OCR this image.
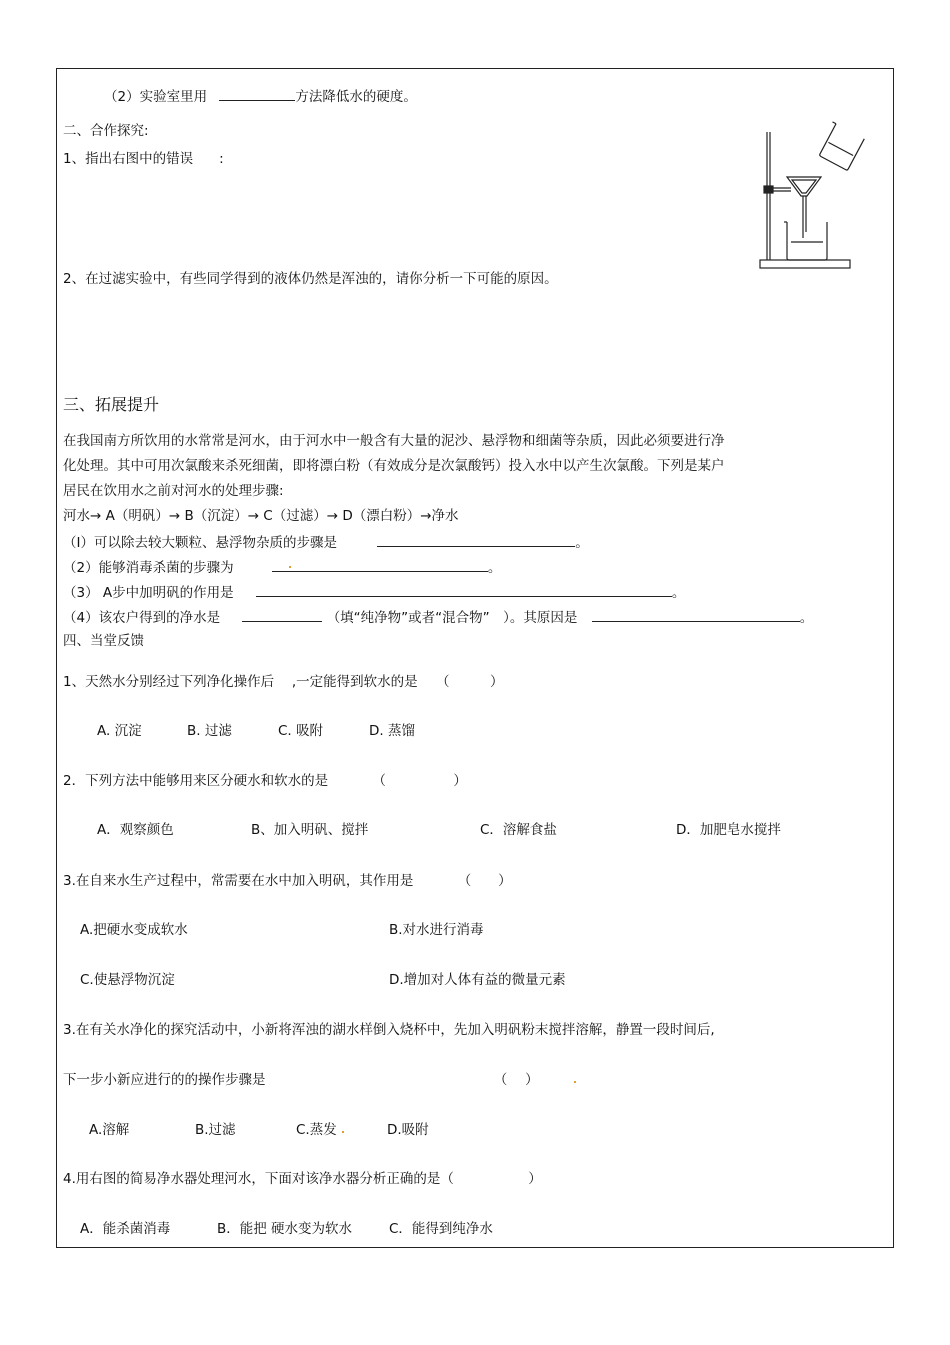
（2）实验室里用	方法降低水的硬度。
二、合作探究:
1、指出右图中的错误 :
2、在过滤实验中，有些同学得到的液体仍然是浑浊的，请你分析一下可能的原因。
三、拓展提升
在我国南方所饮用的水常常是河水，由于河水中一般含有大量的泥沙、悬浮物和细菌等杂质，因此必须要进行净
化处理。其中可用次氯酸来杀死细菌，即将漂白粉（有效成分是次氯酸钙）投入水中以产生次氯酸。下列是某户
居民在饮用水之前对河水的处理步骤:
河水→ A（明矾）→ B（沉淀）→ C（过滤）→ D（漂白粉）→净水
（I）可以除去较大颗粒、悬浮物杂质的步骤是	。
（2）能够消毒杀菌的步骤为	。
（3） A步中加明矾的作用是	。
（4）该农户得到的净水是	（填“纯净物”或者“混合物”　）。其原因是	。
四、当堂反馈
1、天然水分别经过下列净化操作后　 ,一定能得到软水的是 （　　　）
A. 沉淀	B. 过滤	C. 吸附	D. 蒸馏
2．下列方法中能够用来区分硬水和软水的是	（　　　　　）
A．观察颜色	B、加入明矾、搅拌	C．溶解食盐	D．加肥皂水搅拌
3.在自来水生产过程中，常需要在水中加入明矾，其作用是	（　　）
A.把硬水变成软水	B.对水进行消毒
C.使悬浮物沉淀	D.增加对人体有益的微量元素
3.在有关水净化的探究活动中，小新将浑浊的湖水样倒入烧杯中，先加入明矾粉末搅拌溶解，静置一段时间后,
下一步小新应进行的的操作步骤是	（　 ）
A.溶解	B.过滤	C.蒸发	D.吸附
4.用右图的简易净水器处理河水，下面对该净水器分析正确的是（	）
A．能杀菌消毒	B．能把 硬水变为软水	C．能得到纯净水
